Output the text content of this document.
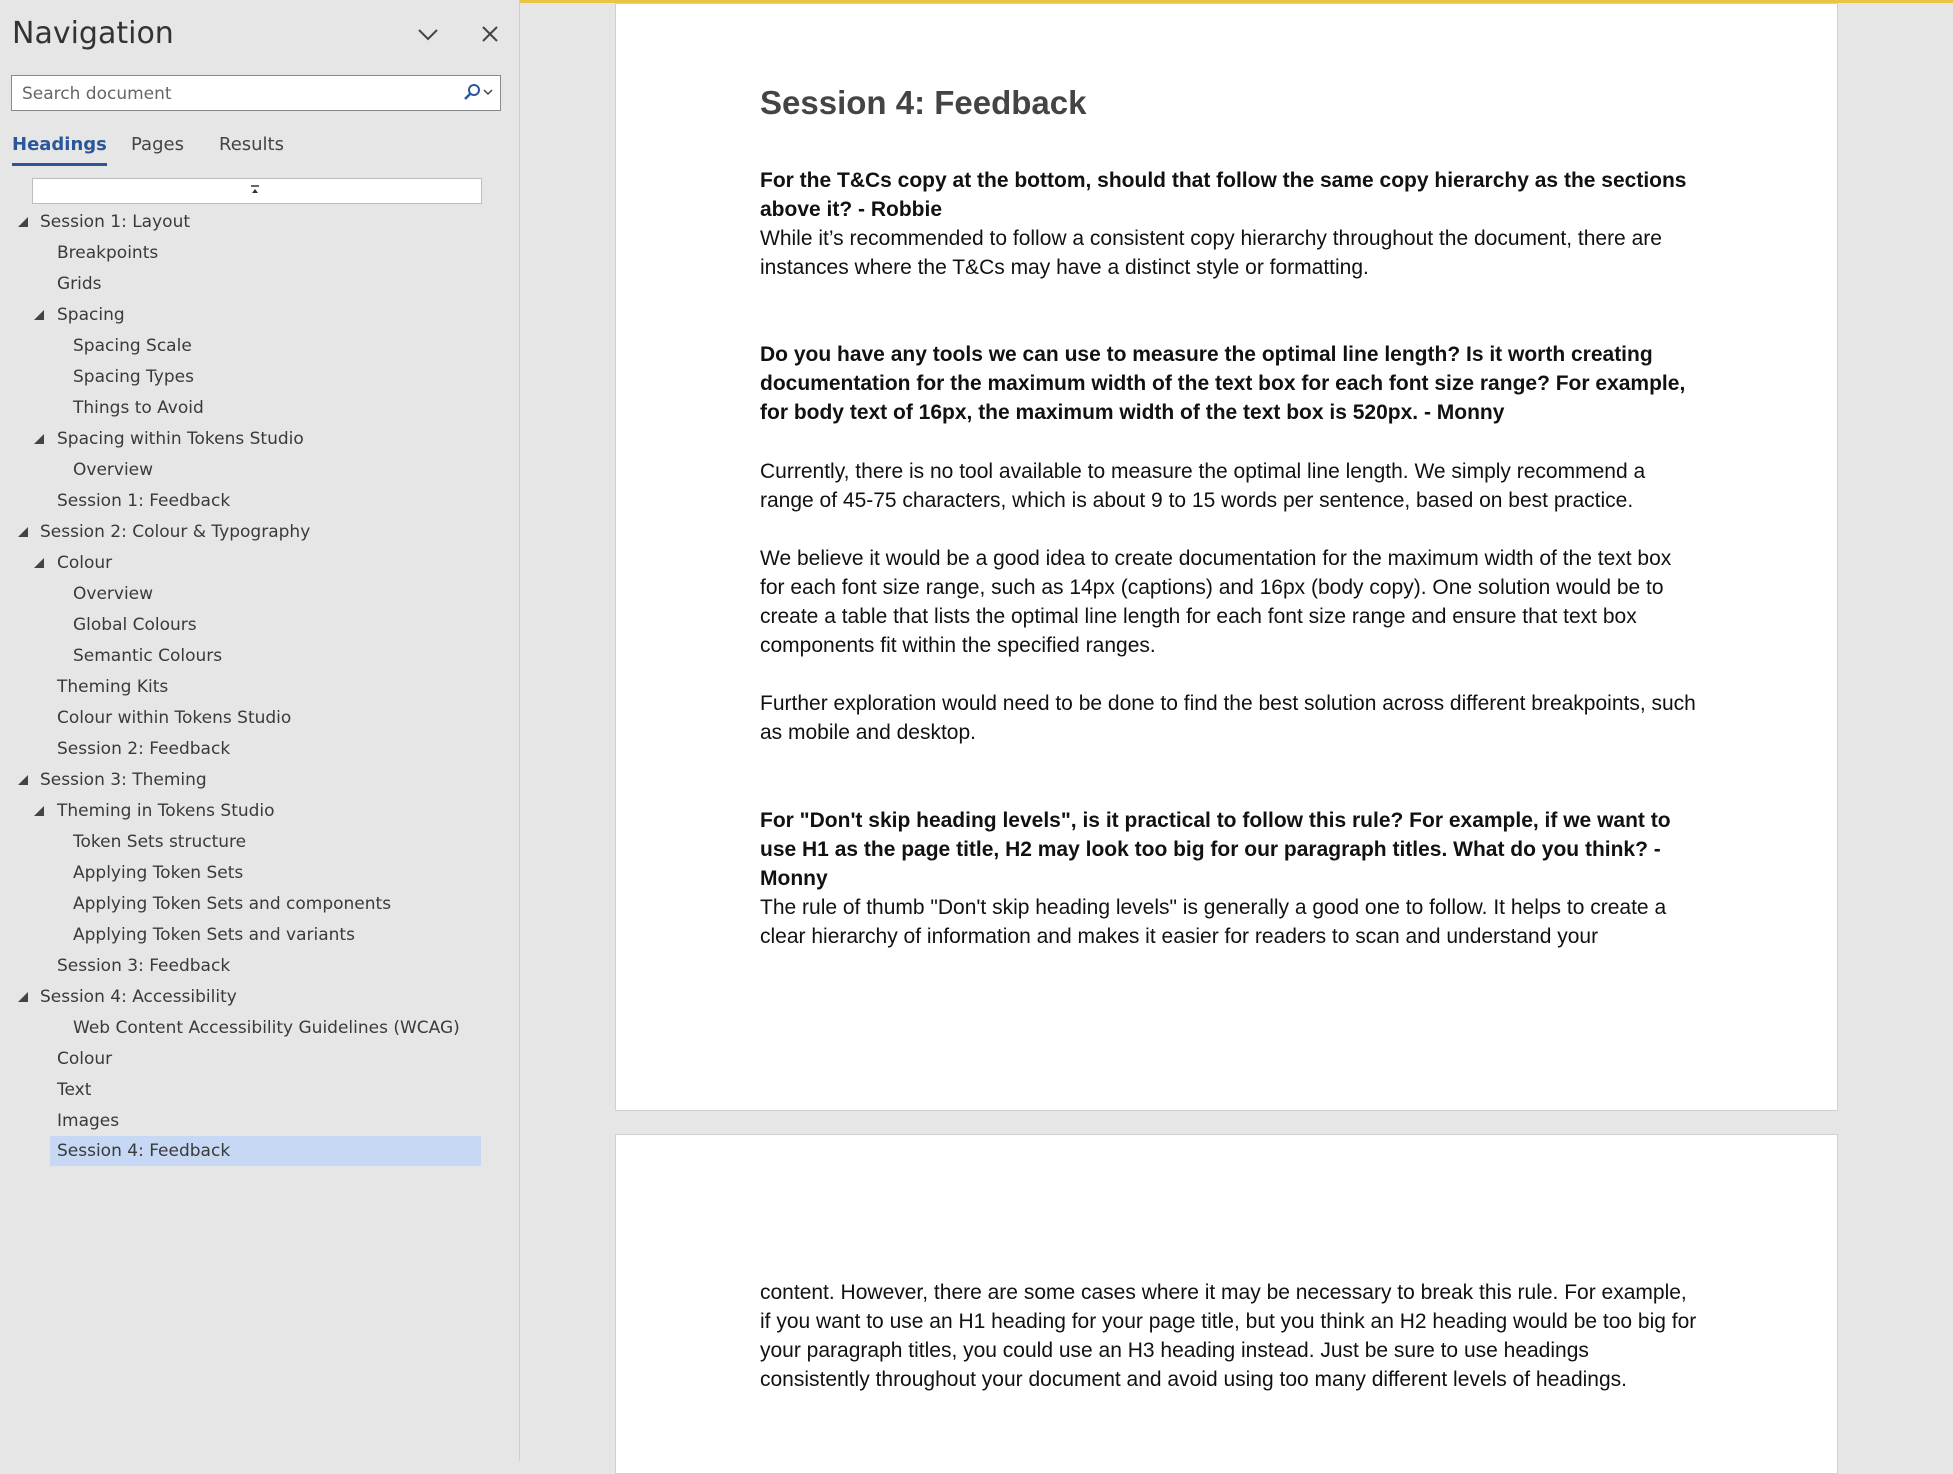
Navigation
Search document
Headings Pages Results
Session 1: Layout
Breakpoints
Grids
Spacing
Spacing Scale
Spacing Types
Things to Avoid
Spacing within Tokens Studio
Overview
Session 1: Feedback
Session 2: Colour & Typography
Colour
Overview
Global Colours
Semantic Colours
Theming Kits
Colour within Tokens Studio
Session 2: Feedback
Session 3: Theming
Theming in Tokens Studio
Token Sets structure
Applying Token Sets
Applying Token Sets and components
Applying Token Sets and variants
Session 3: Feedback
Session 4: Accessibility
Web Content Accessibility Guidelines (WCAG)
Colour
Text
Images
Session 4: Feedback
Session 4: Feedback

For the T&Cs copy at the bottom, should that follow the same copy hierarchy as the sections above it? - Robbie

While it’s recommended to follow a consistent copy hierarchy throughout the document, there are instances where the T&Cs may have a distinct style or formatting.

Do you have any tools we can use to measure the optimal line length? Is it worth creating documentation for the maximum width of the text box for each font size range? For example, for body text of 16px, the maximum width of the text box is 520px. - Monny

Currently, there is no tool available to measure the optimal line length. We simply recommend a range of 45-75 characters, which is about 9 to 15 words per sentence, based on best practice.

We believe it would be a good idea to create documentation for the maximum width of the text box for each font size range, such as 14px (captions) and 16px (body copy). One solution would be to create a table that lists the optimal line length for each font size range and ensure that text box components fit within the specified ranges.

Further exploration would need to be done to find the best solution across different breakpoints, such as mobile and desktop.

For "Don't skip heading levels", is it practical to follow this rule? For example, if we want to use H1 as the page title, H2 may look too big for our paragraph titles. What do you think? - Monny

The rule of thumb "Don't skip heading levels" is generally a good one to follow. It helps to create a clear hierarchy of information and makes it easier for readers to scan and understand your

content. However, there are some cases where it may be necessary to break this rule. For example, if you want to use an H1 heading for your page title, but you think an H2 heading would be too big for your paragraph titles, you could use an H3 heading instead. Just be sure to use headings consistently throughout your document and avoid using too many different levels of headings.
